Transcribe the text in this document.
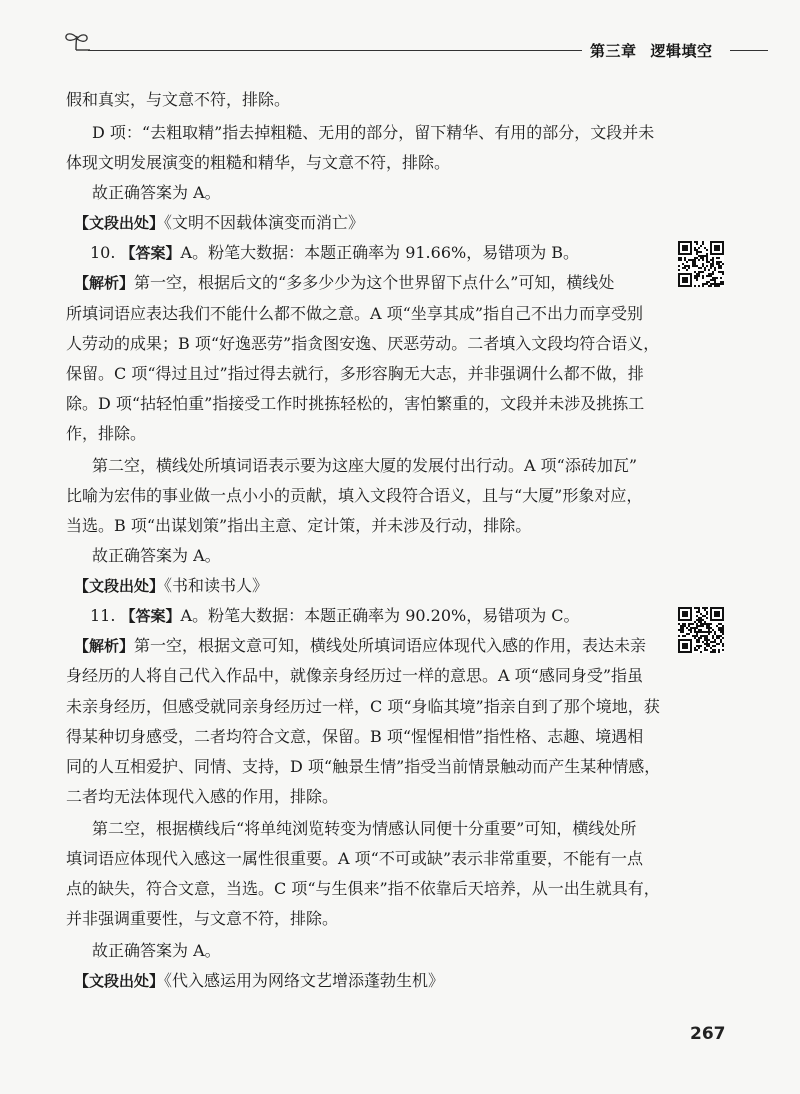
第三章 逻辑填空
假和真实，与文意不符，排除。
D 项：“去粗取精”指去掉粗糙、无用的部分，留下精华、有用的部分，文段并未
体现文明发展演变的粗糙和精华，与文意不符，排除。
故正确答案为 A。
【文段出处】《文明不因载体演变而消亡》
10. 【答案】A。粉笔大数据：本题正确率为 91.66%，易错项为 B。
【解析】第一空，根据后文的“多多少少为这个世界留下点什么”可知，横线处
所填词语应表达我们不能什么都不做之意。A 项“坐享其成”指自己不出力而享受别
人劳动的成果；B 项“好逸恶劳”指贪图安逸、厌恶劳动。二者填入文段均符合语义，
保留。C 项“得过且过”指过得去就行，多形容胸无大志，并非强调什么都不做，排
除。D 项“拈轻怕重”指接受工作时挑拣轻松的，害怕繁重的，文段并未涉及挑拣工
作，排除。
第二空，横线处所填词语表示要为这座大厦的发展付出行动。A 项“添砖加瓦”
比喻为宏伟的事业做一点小小的贡献，填入文段符合语义，且与“大厦”形象对应，
当选。B 项“出谋划策”指出主意、定计策，并未涉及行动，排除。
故正确答案为 A。
【文段出处】《书和读书人》
11. 【答案】A。粉笔大数据：本题正确率为 90.20%，易错项为 C。
【解析】第一空，根据文意可知，横线处所填词语应体现代入感的作用，表达未亲
身经历的人将自己代入作品中，就像亲身经历过一样的意思。A 项“感同身受”指虽
未亲身经历，但感受就同亲身经历过一样，C 项“身临其境”指亲自到了那个境地，获
得某种切身感受，二者均符合文意，保留。B 项“惺惺相惜”指性格、志趣、境遇相
同的人互相爱护、同情、支持，D 项“触景生情”指受当前情景触动而产生某种情感，
二者均无法体现代入感的作用，排除。
第二空，根据横线后“将单纯浏览转变为情感认同便十分重要”可知，横线处所
填词语应体现代入感这一属性很重要。A 项“不可或缺”表示非常重要，不能有一点
点的缺失，符合文意，当选。C 项“与生俱来”指不依靠后天培养，从一出生就具有，
并非强调重要性，与文意不符，排除。
故正确答案为 A。
【文段出处】《代入感运用为网络文艺增添蓬勃生机》
267
